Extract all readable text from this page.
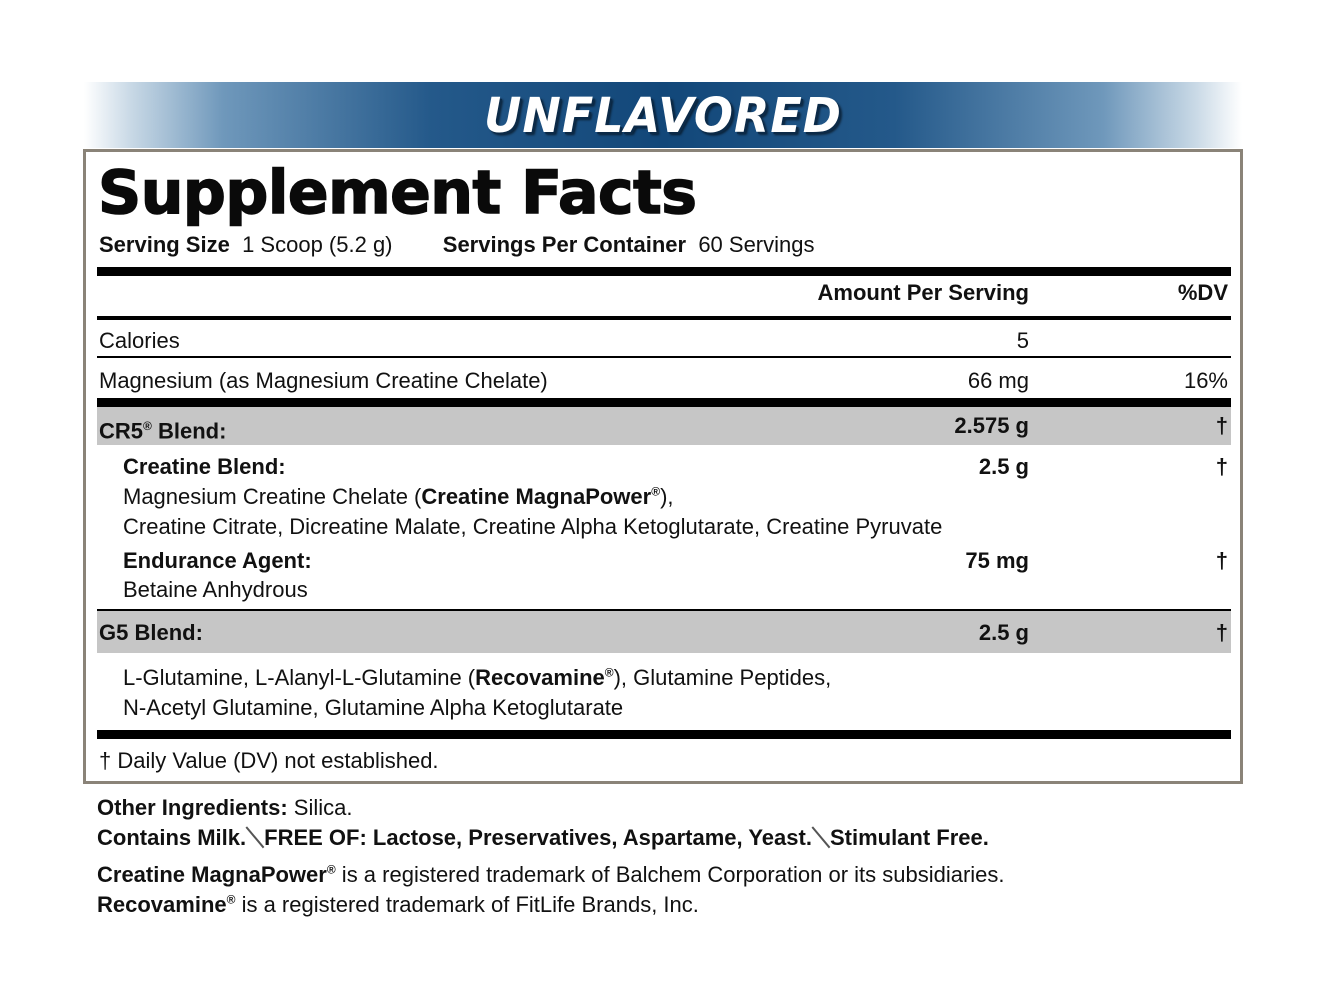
UNFLAVORED
Supplement Facts
Serving Size 1 Scoop (5.2 g) Servings Per Container 60 Servings
Amount Per Serving	%DV
Calories	5
Magnesium (as Magnesium Creatine Chelate)	66 mg	16%
CR5® Blend:	2.575 g	†
Creatine Blend:	2.5 g	†
Magnesium Creatine Chelate (Creatine MagnaPower®),
Creatine Citrate, Dicreatine Malate, Creatine Alpha Ketoglutarate, Creatine Pyruvate
Endurance Agent:	75 mg	†
Betaine Anhydrous
G5 Blend:	2.5 g	†
L-Glutamine, L-Alanyl-L-Glutamine (Recovamine®), Glutamine Peptides,
N-Acetyl Glutamine, Glutamine Alpha Ketoglutarate
† Daily Value (DV) not established.
Other Ingredients: Silica.
Contains Milk. FREE OF: Lactose, Preservatives, Aspartame, Yeast. Stimulant Free.
Creatine MagnaPower® is a registered trademark of Balchem Corporation or its subsidiaries.
Recovamine® is a registered trademark of FitLife Brands, Inc.
